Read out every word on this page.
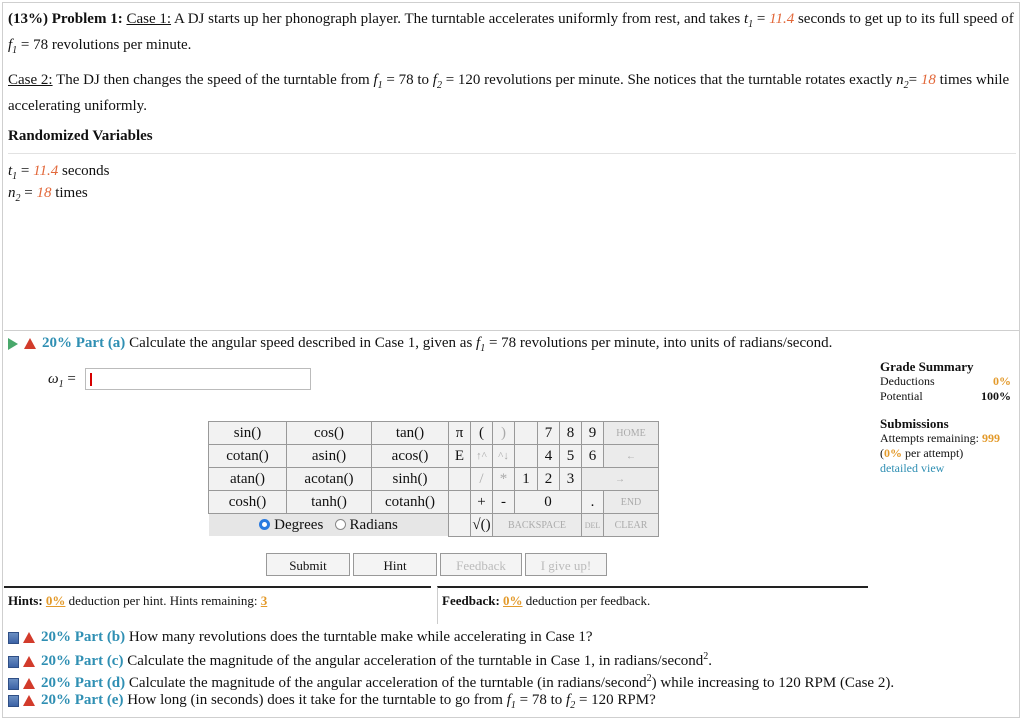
(13%) Problem 1: Case 1: A DJ starts up her phonograph player. The turntable accelerates uniformly from rest, and takes $t_1 = 11.4$ seconds to get up to its full speed of $f_1 = 78$ revolutions per minute.
Case 2: The DJ then changes the speed of the turntable from $f_1 = 78$ to $f_2 = 120$ revolutions per minute. She notices that the turntable rotates exactly $n_2= 18$ times while accelerating uniformly.
Randomized Variables
$t_1 = 11.4$ seconds
$n_2 = 18$ times
20% Part (a) Calculate the angular speed described in Case 1, given as $f_1 = 78$ revolutions per minute, into units of radians/second.
$\omega_1$ =
sin()	cos()	tan()
cotan()	asin()	acos()
atan()	acotan()	sinh()
cosh()	tanh()	cotanh()
Degrees Radians		
π	(	)		7	8	9	HOME
E	↑^	^↓		4	5	6	←
	/	*	1	2	3	→	
	+	-	0			.	END
	√()	BACKSPACE				DEL	CLEAR
Grade Summary
Deductions	0%
Potential	100%
Submissions
Attempts remaining: 999
(0% per attempt)
detailed view
Submit	Hint	Feedback	I give up!
Hints: 0% deduction per hint. Hints remaining: 3	Feedback: 0% deduction per feedback.
20% Part (b) How many revolutions does the turntable make while accelerating in Case 1?
20% Part (c) Calculate the magnitude of the angular acceleration of the turntable in Case 1, in radians/second$^2$.
20% Part (d) Calculate the magnitude of the angular acceleration of the turntable (in radians/second$^2$) while increasing to 120 RPM (Case 2).
20% Part (e) How long (in seconds) does it take for the turntable to go from $f_1 = 78$ to $f_2 = 120$ RPM?
